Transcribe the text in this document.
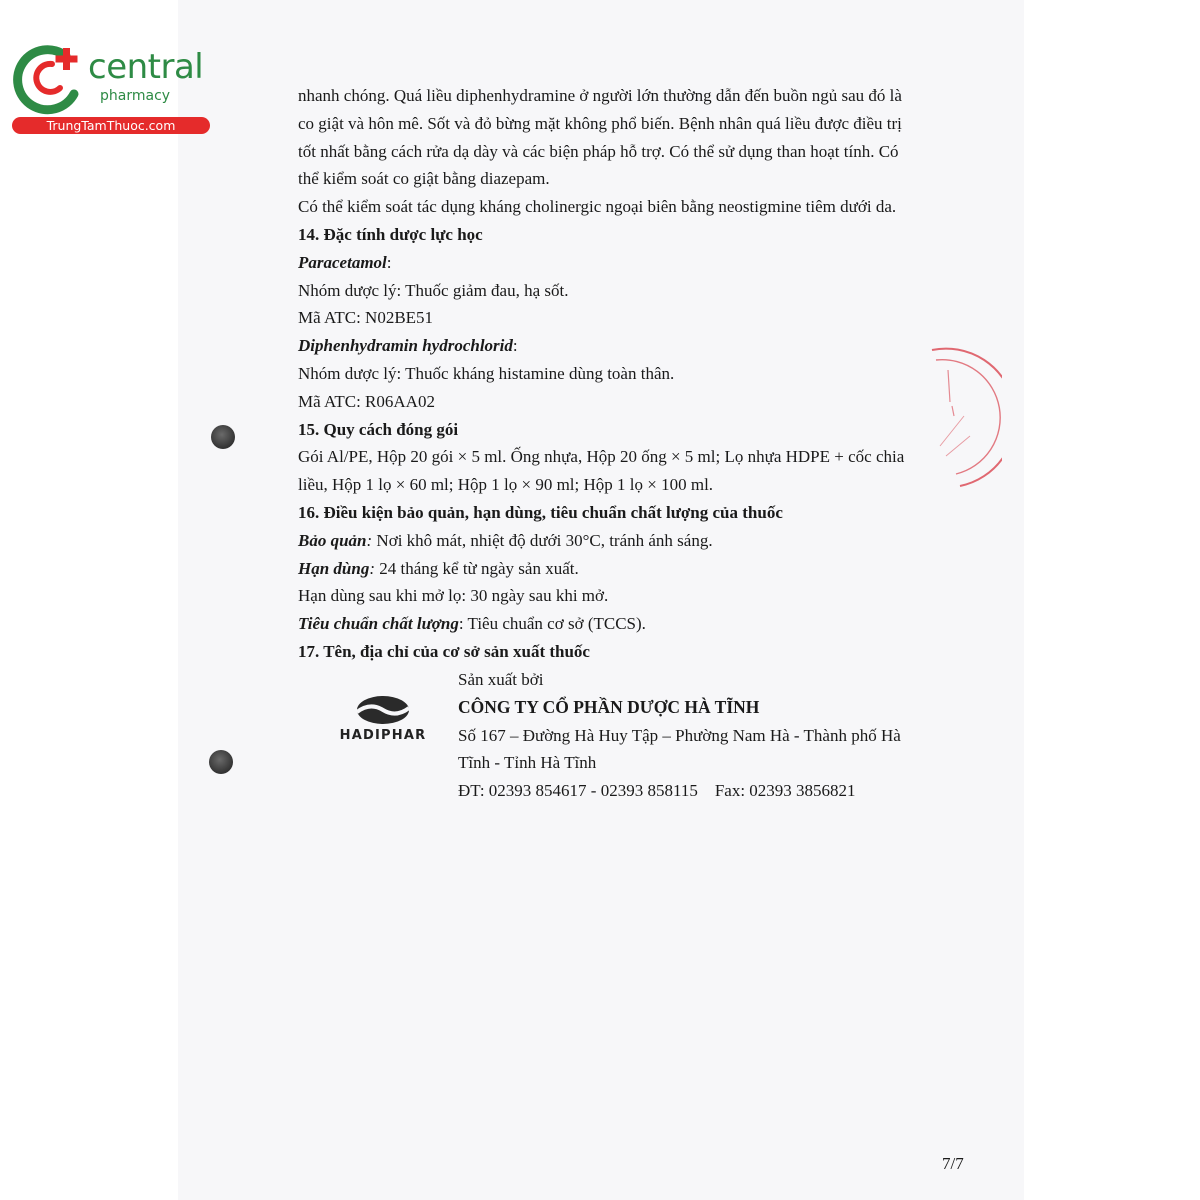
central
pharmacy
TrungTamThuoc.com

nhanh chóng. Quá liều diphenhydramine ở người lớn thường dẫn đến buồn ngủ sau đó là

co giật và hôn mê. Sốt và đỏ bừng mặt không phổ biến. Bệnh nhân quá liều được điều trị

tốt nhất bằng cách rửa dạ dày và các biện pháp hỗ trợ. Có thể sử dụng than hoạt tính. Có

thể kiểm soát co giật bằng diazepam.

Có thể kiểm soát tác dụng kháng cholinergic ngoại biên bằng neostigmine tiêm dưới da.

14. Đặc tính dược lực học

Paracetamol:

Nhóm dược lý: Thuốc giảm đau, hạ sốt.

Mã ATC: N02BE51

Diphenhydramin hydrochlorid:

Nhóm dược lý: Thuốc kháng histamine dùng toàn thân.

Mã ATC: R06AA02

15. Quy cách đóng gói

Gói Al/PE, Hộp 20 gói × 5 ml. Ống nhựa, Hộp 20 ống × 5 ml; Lọ nhựa HDPE + cốc chia

liều, Hộp 1 lọ × 60 ml; Hộp 1 lọ × 90 ml; Hộp 1 lọ × 100 ml.

16. Điều kiện bảo quản, hạn dùng, tiêu chuẩn chất lượng của thuốc

Bảo quản: Nơi khô mát, nhiệt độ dưới 30°C, tránh ánh sáng.

Hạn dùng: 24 tháng kể từ ngày sản xuất.

Hạn dùng sau khi mở lọ: 30 ngày sau khi mở.

Tiêu chuẩn chất lượng: Tiêu chuẩn cơ sở (TCCS).

17. Tên, địa chỉ của cơ sở sản xuất thuốc

HADIPHAR

Sản xuất bởi

CÔNG TY CỔ PHẦN DƯỢC HÀ TĨNH

Số 167 – Đường Hà Huy Tập – Phường Nam Hà - Thành phố Hà

Tĩnh - Tỉnh Hà Tĩnh

ĐT: 02393 854617 - 02393 858115    Fax: 02393 3856821

7/7
